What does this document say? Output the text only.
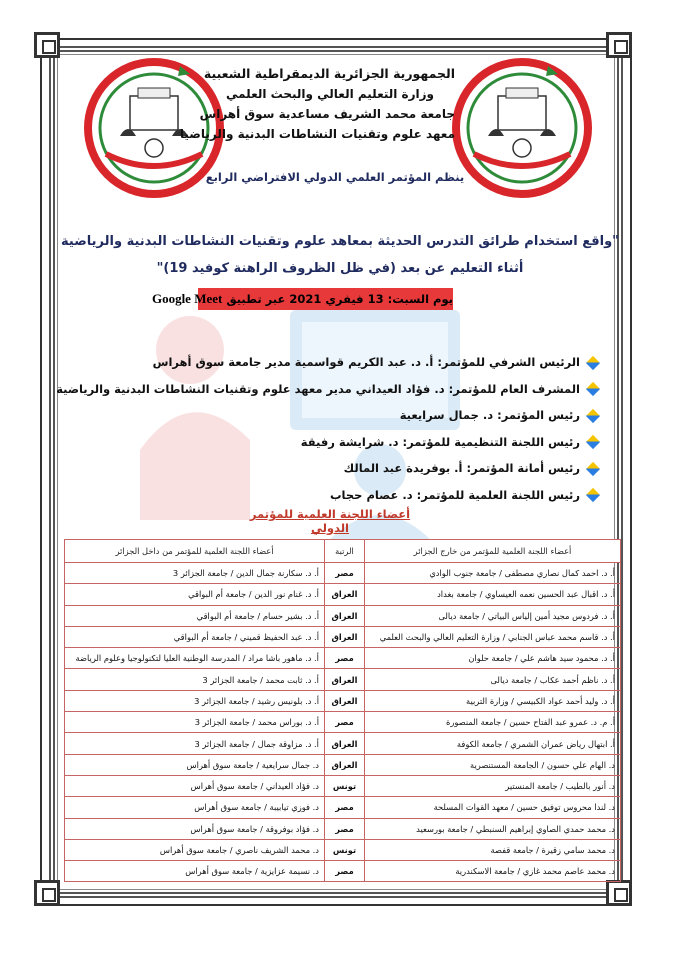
الجمهورية الجزائرية الديمقراطية الشعبية
وزارة التعليم العالي والبحث العلمي
جامعة محمد الشريف مساعدية سوق أهراس
معهد علوم وتقنيات النشاطات البدنية والرياضيا
ينظم المؤتمر العلمي الدولي الافتراضي الرابع
"واقع استخدام طرائق التدرس الحديثة بمعاهد علوم وتقنيات النشاطات البدنية والرياضية
أثناء التعليم عن بعد (في ظل الظروف الراهنة كوفيد 19)"
يوم السبت: 13 فيفري 2021 عبر تطبيق Google Meet
الرئيس الشرفي للمؤتمر: أ. د. عبد الكريم قواسمية مدير جامعة سوق أهراس
المشرف العام للمؤتمر: د. فؤاد العيداني مدير معهد علوم وتقنيات النشاطات البدنية والرياضية
رئيس المؤتمر: د. جمال سرايعية
رئيس اللجنة التنظيمية للمؤتمر: د. شرايشة رفيقة
رئيس أمانة المؤتمر: أ. بوفريدة عبد المالك
رئيس اللجنة العلمية للمؤتمر: د. عصام حجاب
أعضاء اللجنة العلمية للمؤتمر الدولي
أعضاء اللجنة العلمية للمؤتمر من خارج الجزائر	الرتبة	أعضاء اللجنة العلمية للمؤتمر من داخل الجزائر
أ. د. احمد كمال نصاري مصطفى / جامعة جنوب الوادي	مصر	أ. د. سكارنة جمال الدين / جامعة الجزائر 3
أ. د. اقبال عبد الحسين نعمه العيساوي / جامعة بغداد	العراق	أ. د. غنام نور الدين / جامعة أم البواقي
أ. د. فردوس مجيد أمين إلياس البياتي / جامعة ديالى	العراق	أ. د. بشير حسام / جامعة أم البواقي
أ. د. قاسم محمد عباس الجنابي / وزارة التعليم العالي والبحث العلمي	العراق	أ. د. عبد الحفيظ قميني / جامعة أم البواقي
أ. د. محمود سيد هاشم علي / جامعة حلوان	مصر	أ. د. ماهور باشا مراد / المدرسة الوطنية العليا لتكنولوجيا وعلوم الرياضة
أ. د. ناظم أحمد عكاب / جامعة ديالى	العراق	أ. د. ثابت محمد / جامعة الجزائر 3
أ. د. وليد أحمد عواد الكبيسي / وزارة التربية	العراق	أ. د. بلونيس رشيد / جامعة الجزائر 3
أ. م. د. عمرو عبد الفتاح حسين / جامعة المنصورة	مصر	أ. د. بوراس محمد / جامعة الجزائر 3
أ. ابتهال رياض عمران الشمري / جامعة الكوفة	العراق	أ. د. مزاوقة جمال / جامعة الجزائر 3
د. الهام علي حسون / الجامعة المستنصرية	العراق	د. جمال سرايعية / جامعة سوق أهراس
د. أنور بالطيب / جامعة المنستير	تونس	د. فؤاد العيداني / جامعة سوق أهراس
د. لندا محروس توفيق حسين / معهد القوات المسلحة	مصر	د. فوزي تيابيبة / جامعة سوق أهراس
د. محمد حمدي الصاوي إبراهيم السنبطي / جامعة بورسعيد	مصر	د. فؤاد بوفروقة / جامعة سوق أهراس
د. محمد سامي زقيرة / جامعة قفصة	تونس	د. محمد الشريف ناصري / جامعة سوق أهراس
د. محمد عاصم محمد غازي / جامعة الاسكندرية	مصر	د. نسيمة عزايزية / جامعة سوق أهراس
